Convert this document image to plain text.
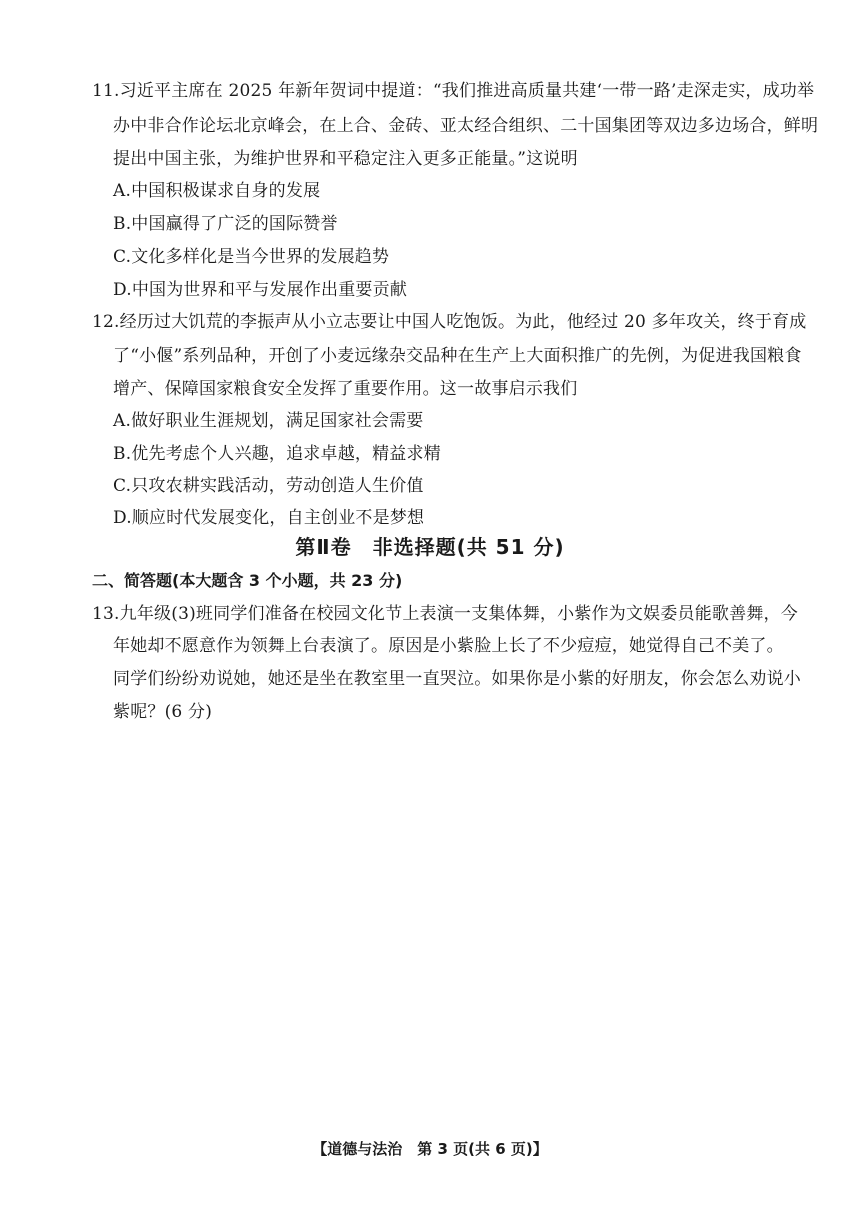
11.习近平主席在 2025 年新年贺词中提道：“我们推进高质量共建‘一带一路’走深走实，成功举
办中非合作论坛北京峰会，在上合、金砖、亚太经合组织、二十国集团等双边多边场合，鲜明
提出中国主张，为维护世界和平稳定注入更多正能量。”这说明
A.中国积极谋求自身的发展
B.中国赢得了广泛的国际赞誉
C.文化多样化是当今世界的发展趋势
D.中国为世界和平与发展作出重要贡献
12.经历过大饥荒的李振声从小立志要让中国人吃饱饭。为此，他经过 20 多年攻关，终于育成
了“小偃”系列品种，开创了小麦远缘杂交品种在生产上大面积推广的先例，为促进我国粮食
增产、保障国家粮食安全发挥了重要作用。这一故事启示我们
A.做好职业生涯规划，满足国家社会需要
B.优先考虑个人兴趣，追求卓越，精益求精
C.只攻农耕实践活动，劳动创造人生价值
D.顺应时代发展变化，自主创业不是梦想
第Ⅱ卷　非选择题(共 51 分)
二、简答题(本大题含 3 个小题，共 23 分)
13.九年级(3)班同学们准备在校园文化节上表演一支集体舞，小紫作为文娱委员能歌善舞，今
年她却不愿意作为领舞上台表演了。原因是小紫脸上长了不少痘痘，她觉得自己不美了。
同学们纷纷劝说她，她还是坐在教室里一直哭泣。如果你是小紫的好朋友，你会怎么劝说小
紫呢？(6 分)
【道德与法治　第 3 页(共 6 页)】
